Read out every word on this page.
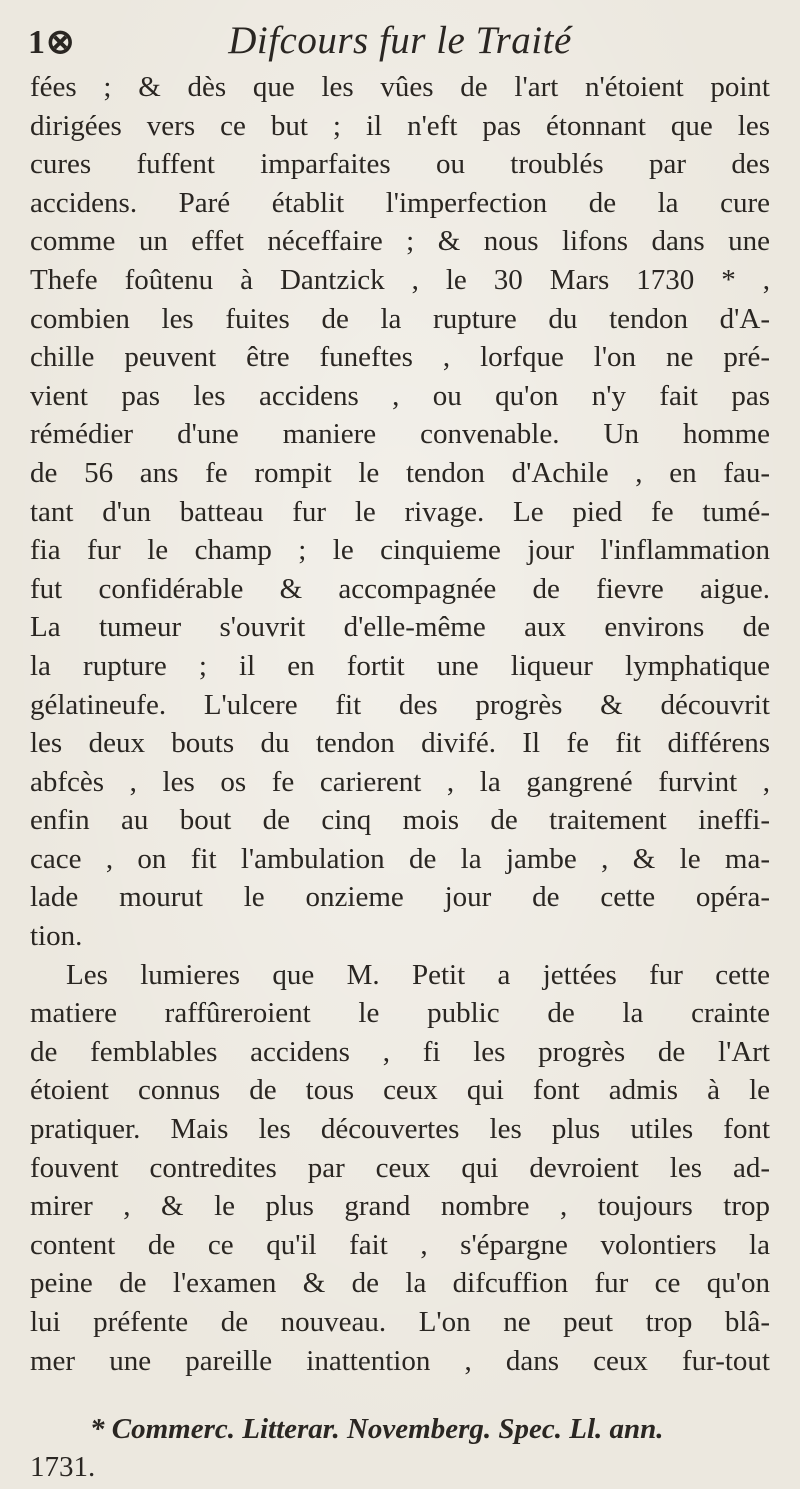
1⊗	Difcours fur le Traité
fées ; & dès que les vûes de l'art n'étoient point
dirigées vers ce but ; il n'eft pas étonnant que les
cures fuffent imparfaites ou troublés par des
accidens. Paré établit l'imperfection de la cure
comme un effet néceffaire ; & nous lifons dans une
Thefe foûtenu à Dantzick , le 30 Mars 1730 * ,
combien les fuites de la rupture du tendon d'A-
chille peuvent être funeftes , lorfque l'on ne pré-
vient pas les accidens , ou qu'on n'y fait pas
rémédier d'une maniere convenable. Un homme
de 56 ans fe rompit le tendon d'Achile , en fau-
tant d'un batteau fur le rivage. Le pied fe tumé-
fia fur le champ ; le cinquieme jour l'inflammation
fut confidérable & accompagnée de fievre aigue.
La tumeur s'ouvrit d'elle-même aux environs de
la rupture ; il en fortit une liqueur lymphatique
gélatineufe. L'ulcere fit des progrès & découvrit
les deux bouts du tendon divifé. Il fe fit différens
abfcès , les os fe carierent , la gangrené furvint ,
enfin au bout de cinq mois de traitement ineffi-
cace , on fit l'ambulation de la jambe , & le ma-
lade mourut le onzieme jour de cette opéra-
tion.
Les lumieres que M. Petit a jettées fur cette
matiere raffûreroient le public de la crainte
de femblables accidens , fi les progrès de l'Art
étoient connus de tous ceux qui font admis à le
pratiquer. Mais les découvertes les plus utiles font
fouvent contredites par ceux qui devroient les ad-
mirer , & le plus grand nombre , toujours trop
content de ce qu'il fait , s'épargne volontiers la
peine de l'examen & de la difcuffion fur ce qu'on
lui préfente de nouveau. L'on ne peut trop blâ-
mer une pareille inattention , dans ceux fur-tout
* Commerc. Litterar. Novemberg. Spec. Ll. ann.
1731.
